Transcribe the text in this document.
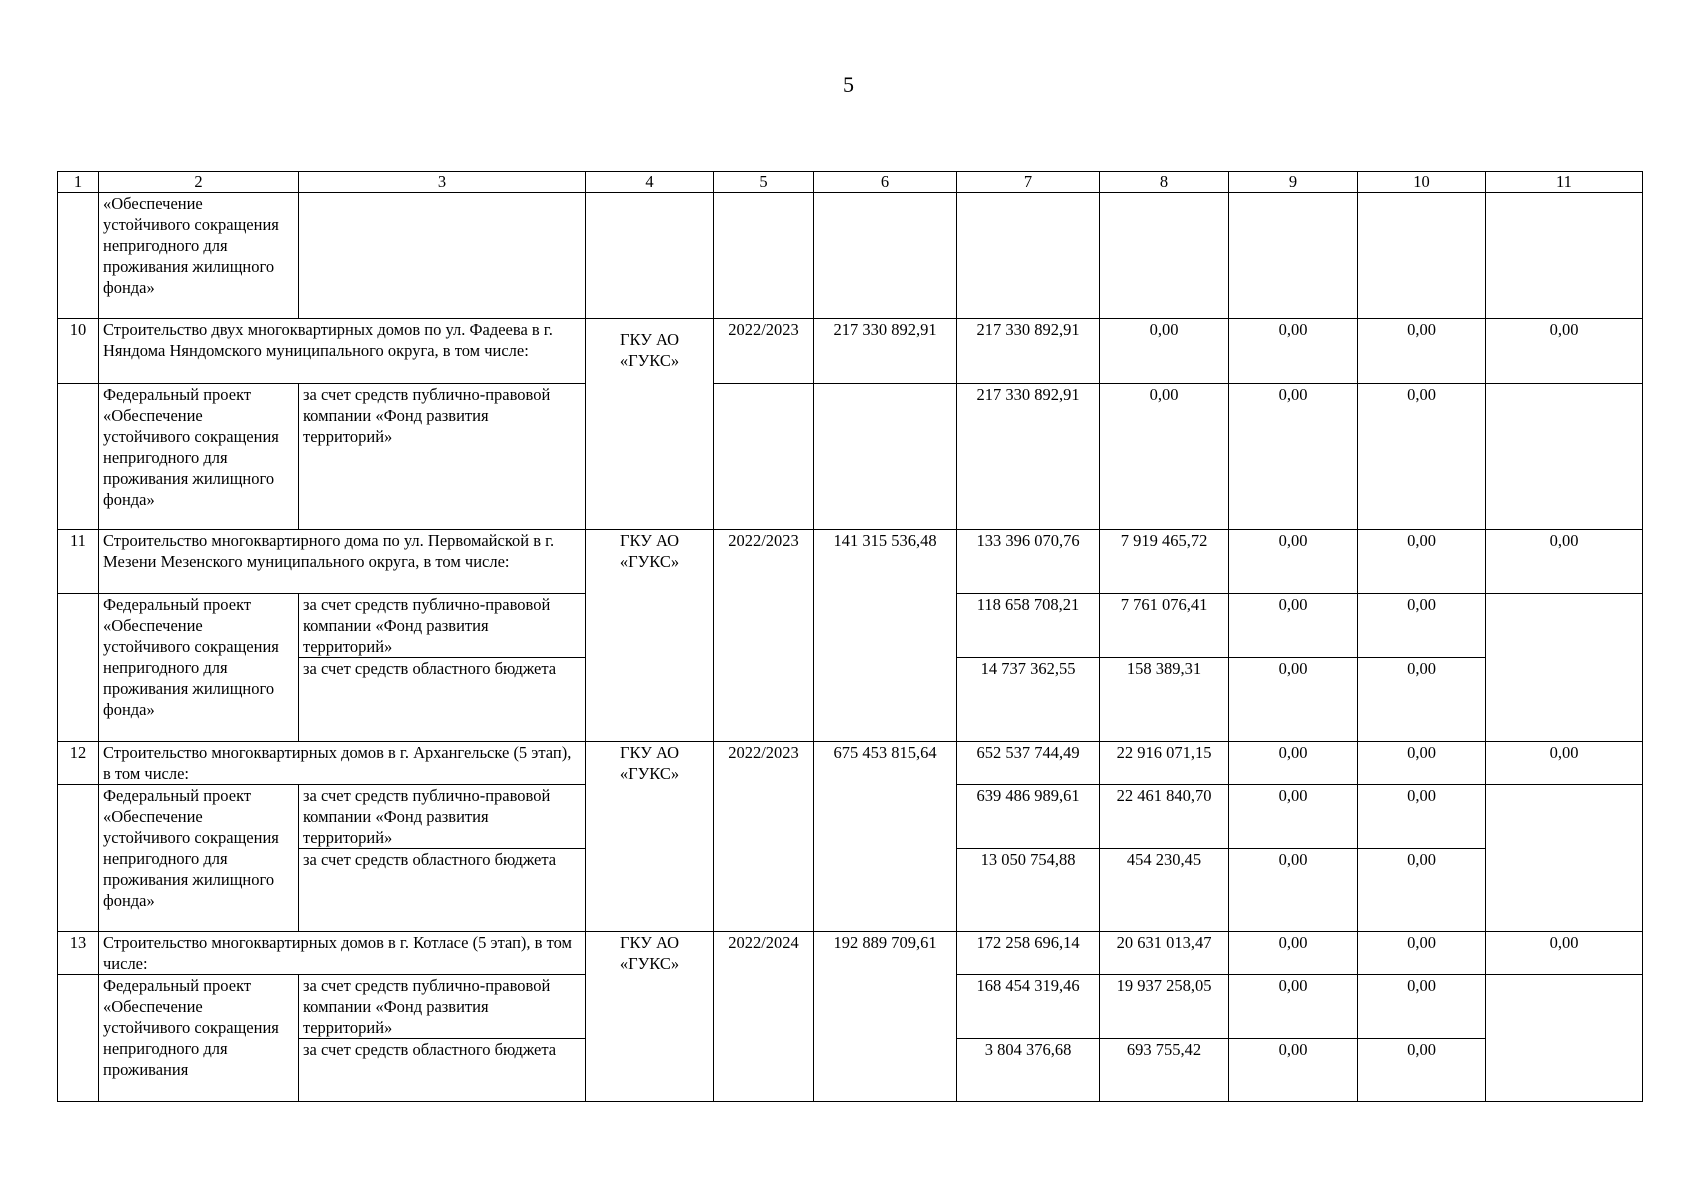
5
1	2	3	4	5	6	7	8	9	10	11
	«Обеспечение устойчивого сокращения непригодного для проживания жилищного фонда»									
10	Строительство двух многоквартирных домов по ул. Фадеева в г. Няндома Няндомского муниципального округа, в том числе:		ГКУ АО «ГУКС»	2022/2023	217 330 892,91	217 330 892,91	0,00	0,00	0,00	0,00
	Федеральный проект «Обеспечение устойчивого сокращения непригодного для проживания жилищного фонда»	за счет средств публично-правовой компании «Фонд развития территорий»				217 330 892,91	0,00	0,00	0,00	
11	Строительство многоквартирного дома по ул. Первомайской в г. Мезени Мезенского муниципального округа, в том числе:		ГКУ АО «ГУКС»	2022/2023	141 315 536,48	133 396 070,76	7 919 465,72	0,00	0,00	0,00
	Федеральный проект «Обеспечение устойчивого сокращения непригодного для проживания жилищного фонда»	за счет средств публично-правовой компании «Фонд развития территорий»				118 658 708,21	7 761 076,41	0,00	0,00	
		за счет средств областного бюджета				14 737 362,55	158 389,31	0,00	0,00	
12	Строительство многоквартирных домов в г. Архангельске (5 этап), в том числе:		ГКУ АО «ГУКС»	2022/2023	675 453 815,64	652 537 744,49	22 916 071,15	0,00	0,00	0,00
	Федеральный проект «Обеспечение устойчивого сокращения непригодного для проживания жилищного фонда»	за счет средств публично-правовой компании «Фонд развития территорий»				639 486 989,61	22 461 840,70	0,00	0,00	
		за счет средств областного бюджета				13 050 754,88	454 230,45	0,00	0,00	
13	Строительство многоквартирных домов в г. Котласе (5 этап), в том числе:		ГКУ АО «ГУКС»	2022/2024	192 889 709,61	172 258 696,14	20 631 013,47	0,00	0,00	0,00
	Федеральный проект «Обеспечение устойчивого сокращения непригодного для проживания	за счет средств публично-правовой компании «Фонд развития территорий»				168 454 319,46	19 937 258,05	0,00	0,00	
		за счет средств областного бюджета				3 804 376,68	693 755,42	0,00	0,00	
